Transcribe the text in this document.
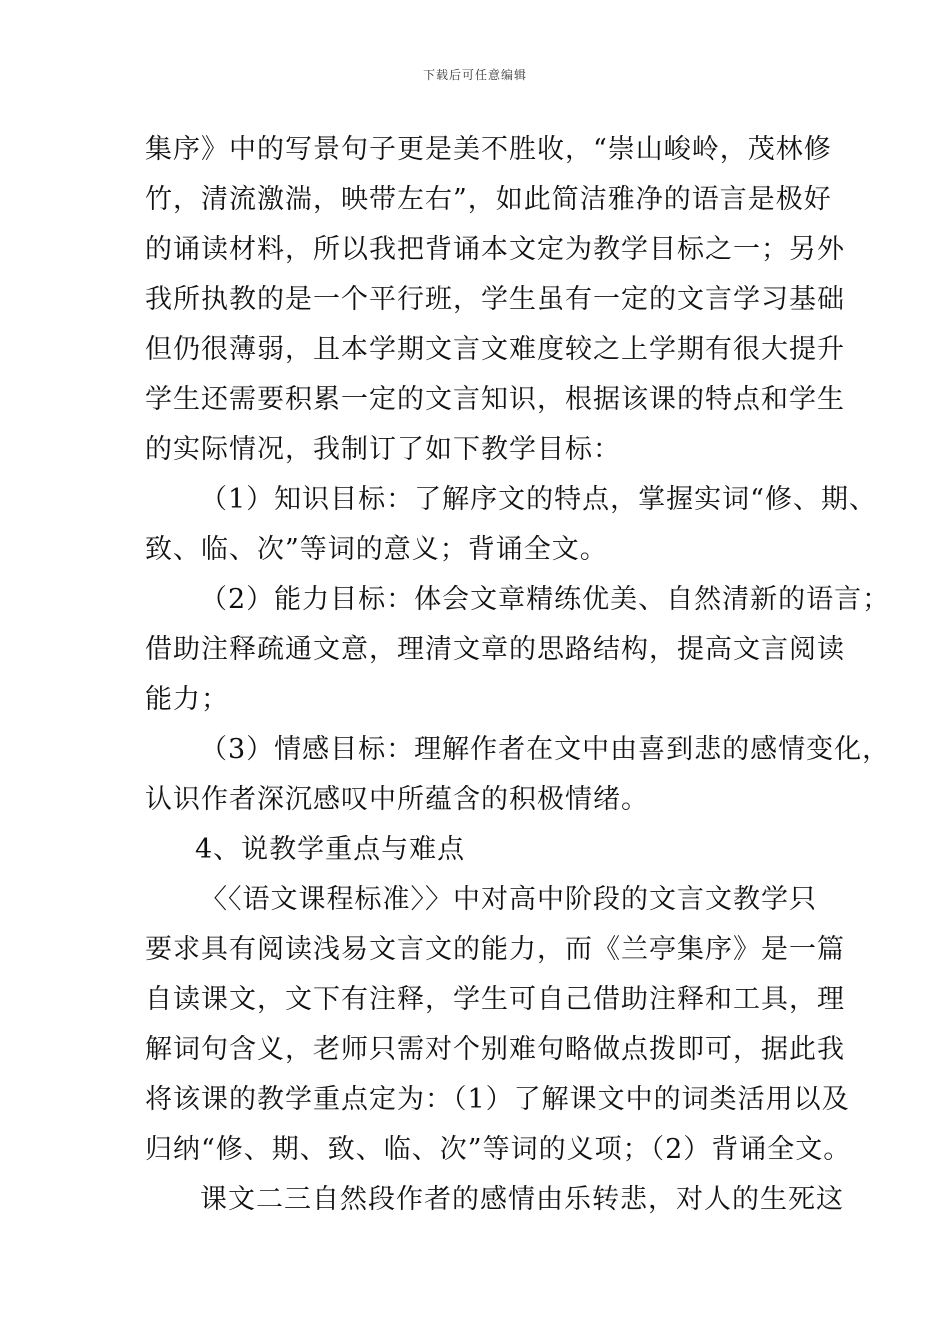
下载后可任意编辑
集序》中的写景句子更是美不胜收，“崇山峻岭，茂林修
竹，清流激湍，映带左右”，如此简洁雅净的语言是极好
的诵读材料，所以我把背诵本文定为教学目标之一；另外
我所执教的是一个平行班，学生虽有一定的文言学习基础
但仍很薄弱，且本学期文言文难度较之上学期有很大提升
学生还需要积累一定的文言知识，根据该课的特点和学生
的实际情况，我制订了如下教学目标：
（1）知识目标：了解序文的特点，掌握实词“修、期、
致、临、次”等词的意义；背诵全文。
（2）能力目标：体会文章精练优美、自然清新的语言；
借助注释疏通文意，理清文章的思路结构，提高文言阅读
能力；
（3）情感目标：理解作者在文中由喜到悲的感情变化，
认识作者深沉感叹中所蕴含的积极情绪。
4、说教学重点与难点
〈〈语文课程标准〉〉中对高中阶段的文言文教学只
要求具有阅读浅易文言文的能力，而《兰亭集序》是一篇
自读课文，文下有注释，学生可自己借助注释和工具，理
解词句含义，老师只需对个别难句略做点拨即可，据此我
将该课的教学重点定为：（1）了解课文中的词类活用以及
归纳“修、期、致、临、次”等词的义项；（2）背诵全文。
课文二三自然段作者的感情由乐转悲，对人的生死这
